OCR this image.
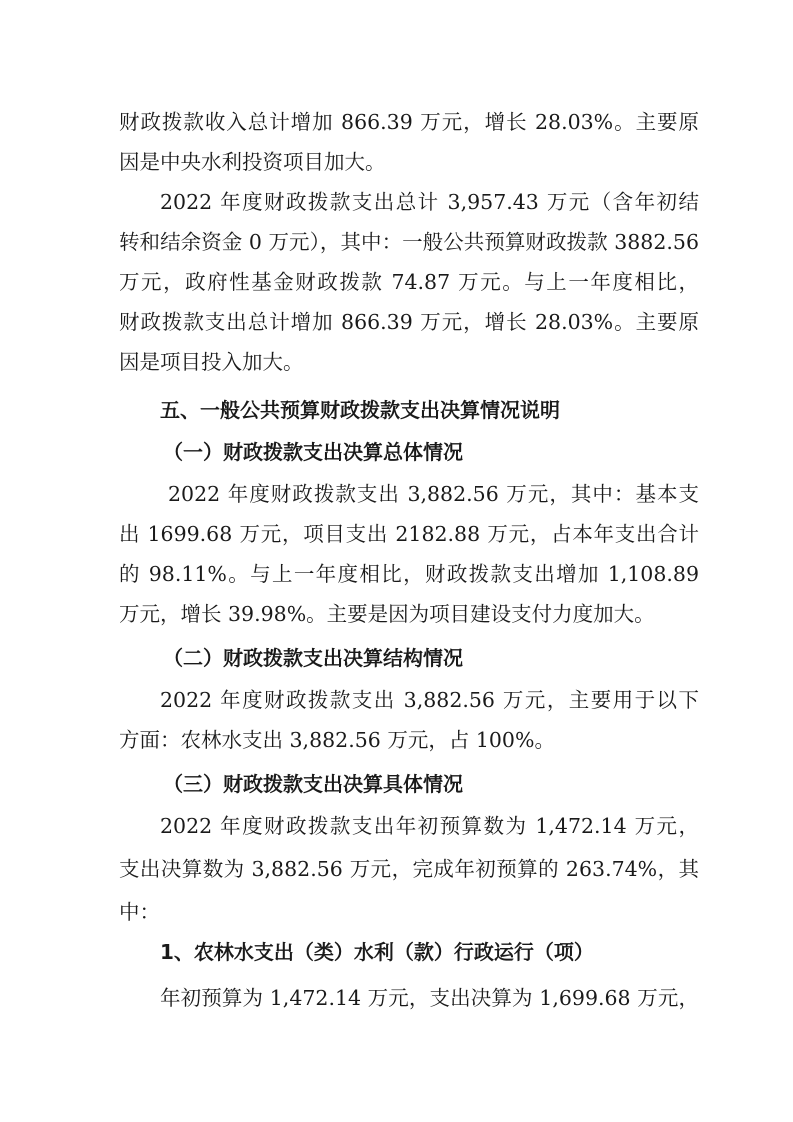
财政拨款收入总计增加 866.39 万元，增长 28.03%。主要原
因是中央水利投资项目加大。
2022 年度财政拨款支出总计 3,957.43 万元（含年初结
转和结余资金 0 万元），其中：一般公共预算财政拨款 3882.56
万元，政府性基金财政拨款 74.87 万元。与上一年度相比，
财政拨款支出总计增加 866.39 万元，增长 28.03%。主要原
因是项目投入加大。
五、一般公共预算财政拨款支出决算情况说明
（一）财政拨款支出决算总体情况
2022 年度财政拨款支出 3,882.56 万元，其中：基本支
出 1699.68 万元，项目支出 2182.88 万元，占本年支出合计
的 98.11%。与上一年度相比，财政拨款支出增加 1,108.89
万元，增长 39.98%。主要是因为项目建设支付力度加大。
（二）财政拨款支出决算结构情况
2022 年度财政拨款支出 3,882.56 万元，主要用于以下
方面：农林水支出 3,882.56 万元，占 100%。
（三）财政拨款支出决算具体情况
2022 年度财政拨款支出年初预算数为 1,472.14 万元，
支出决算数为 3,882.56 万元，完成年初预算的 263.74%，其
中：
1、农林水支出（类）水利（款）行政运行（项）
年初预算为 1,472.14 万元，支出决算为 1,699.68 万元，
